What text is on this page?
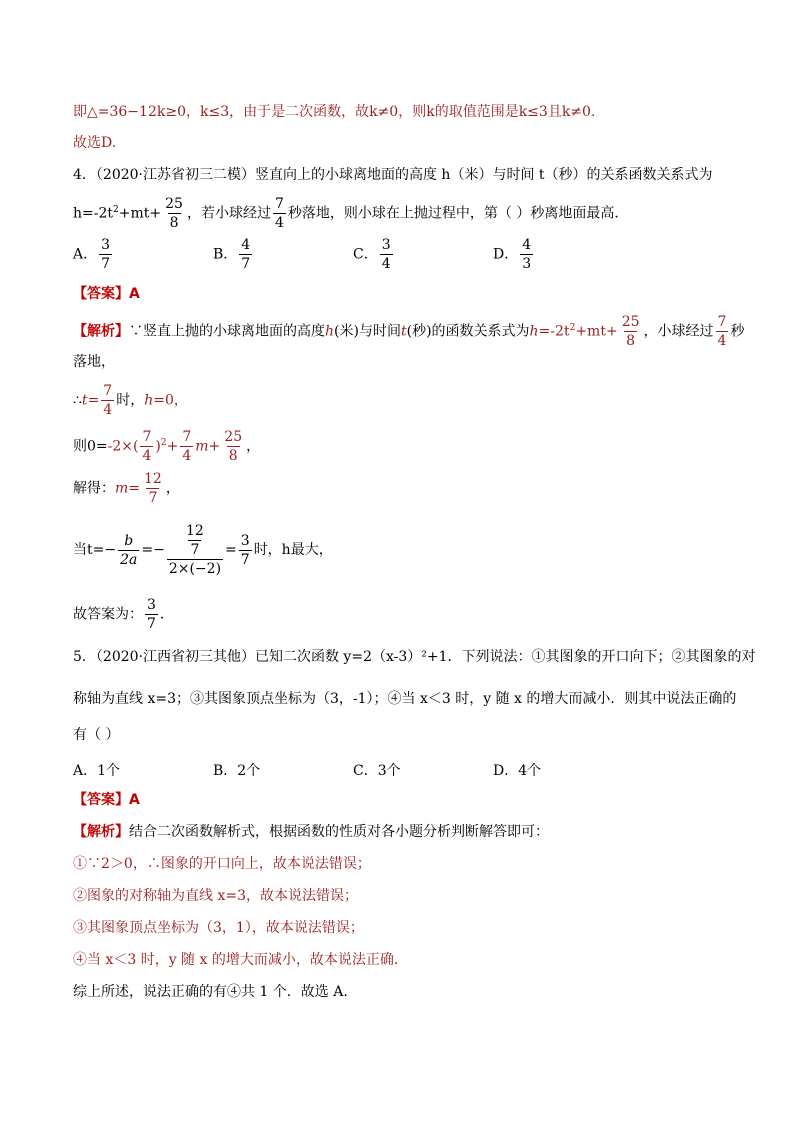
即△=36−12k≥0，k≤3，由于是二次函数，故k≠0，则k的取值范围是k≤3且k≠0.
故选D.
4．（2020·江苏省初三二模）竖直向上的小球离地面的高度 h（米）与时间 t（秒）的关系函数关系式为
$h=-2t^2+mt+ \frac{25}{8}$ ，若小球经过 $\frac{7}{4}$ 秒落地，则小球在上抛过程中，第（ ）秒离地面最高．
A． $\frac{3}{7}$	B． $\frac{4}{7}$	C． $\frac{3}{4}$	D． $\frac{4}{3}$
【答案】A
【解析】∵竖直上抛的小球离地面的高度h(米)与时间t(秒)的函数关系式为$h=-2t^2+mt+ \frac{25}{8}$ ，小球经过 $\frac{7}{4}$ 秒
落地，
∴t= $\frac{7}{4}$ 时，h=0，
则$0=-2\times( \frac{7}{4} )^2+ \frac{7}{4} m+ \frac{25}{8}$ ，
解得：$m= \frac{12}{7}$ ，
当$t=- \frac{b}{2a} =- \frac{\frac{12}{7}}{2\times(-2)} = \frac{3}{7}$ 时，h最大，
故答案为： $\frac{3}{7}$ ．
5．（2020·江西省初三其他）已知二次函数 y=2（x-3）²+1．下列说法：①其图象的开口向下；②其图象的对
称轴为直线 x=3；③其图象顶点坐标为（3，-1）；④当 x＜3 时，y 随 x 的增大而减小．则其中说法正确的
有（ ）
A．1个	B．2个	C．3个	D．4个
【答案】A
【解析】结合二次函数解析式，根据函数的性质对各小题分析判断解答即可：
①∵2＞0，∴图象的开口向上，故本说法错误；
②图象的对称轴为直线 x=3，故本说法错误；
③其图象顶点坐标为（3，1），故本说法错误；
④当 x＜3 时，y 随 x 的增大而减小，故本说法正确．
综上所述，说法正确的有④共 1 个．故选 A．
